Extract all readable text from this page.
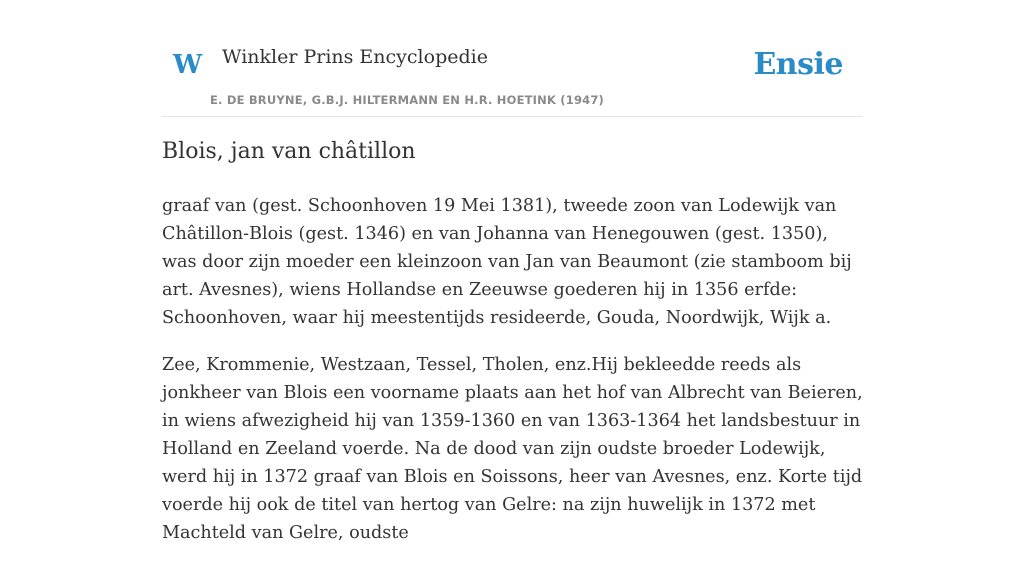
W Winkler Prins Encyclopedie
E. DE BRUYNE, G.B.J. HILTERMANN EN H.R. HOETINK (1947)
Ensie
Blois, jan van châtillon

graaf van (gest. Schoonhoven 19 Mei 1381), tweede zoon van Lodewijk van Châtillon-Blois (gest. 1346) en van Johanna van Henegouwen (gest. 1350), was door zijn moeder een kleinzoon van Jan van Beaumont (zie stamboom bij art. Avesnes), wiens Hollandse en Zeeuwse goederen hij in 1356 erfde: Schoonhoven, waar hij meestentijds resideerde, Gouda, Noordwijk, Wijk a.

Zee, Krommenie, Westzaan, Tessel, Tholen, enz.Hij bekleedde reeds als jonkheer van Blois een voorname plaats aan het hof van Albrecht van Beieren, in wiens afwezigheid hij van 1359-1360 en van 1363-1364 het landsbestuur in Holland en Zeeland voerde. Na de dood van zijn oudste broeder Lodewijk, werd hij in 1372 graaf van Blois en Soissons, heer van Avesnes, enz. Korte tijd voerde hij ook de titel van hertog van Gelre: na zijn huwelijk in 1372 met Machteld van Gelre, oudste
